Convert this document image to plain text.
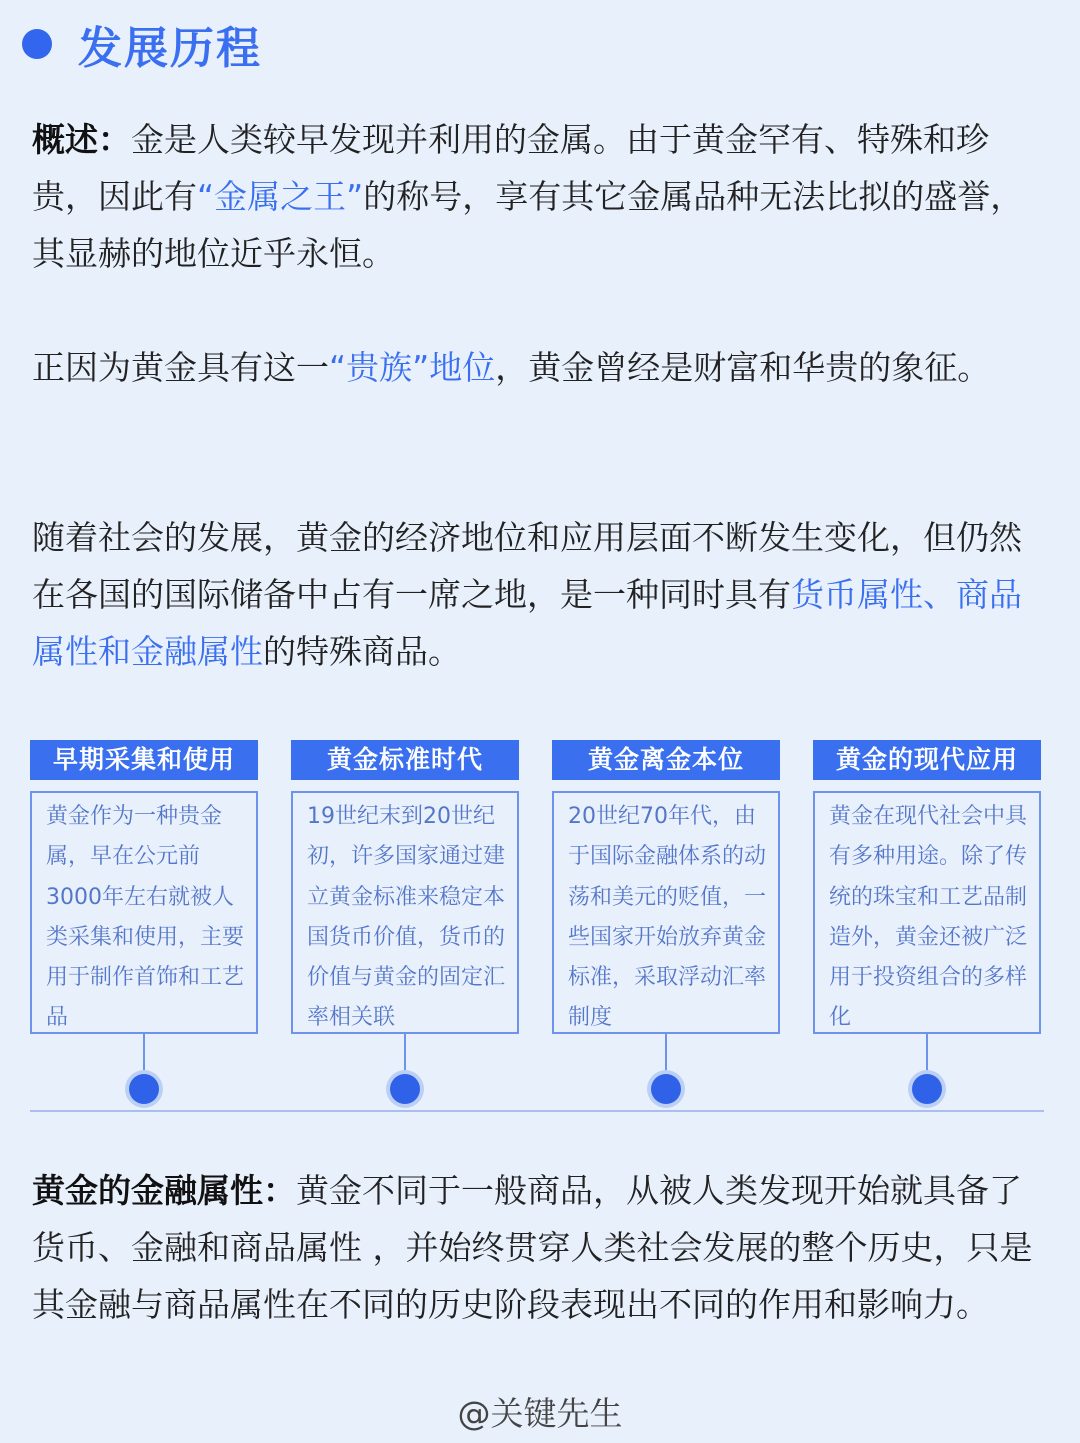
发展历程
概述：金是人类较早发现并利用的金属。由于黄金罕有、特殊和珍贵，因此有“金属之王”的称号，享有其它金属品种无法比拟的盛誉，其显赫的地位近乎永恒。
正因为黄金具有这一“贵族”地位，黄金曾经是财富和华贵的象征。
随着社会的发展，黄金的经济地位和应用层面不断发生变化，但仍然在各国的国际储备中占有一席之地，是一种同时具有货币属性、商品属性和金融属性的特殊商品。
早期采集和使用
黄金作为一种贵金属，早在公元前3000年左右就被人类采集和使用，主要用于制作首饰和工艺品
黄金标准时代
19世纪末到20世纪初，许多国家通过建立黄金标准来稳定本国货币价值，货币的价值与黄金的固定汇率相关联
黄金离金本位
20世纪70年代，由于国际金融体系的动荡和美元的贬值，一些国家开始放弃黄金标准，采取浮动汇率制度
黄金的现代应用
黄金在现代社会中具有多种用途。除了传统的珠宝和工艺品制造外，黄金还被广泛用于投资组合的多样化
黄金的金融属性：黄金不同于一般商品，从被人类发现开始就具备了货币、金融和商品属性 ，并始终贯穿人类社会发展的整个历史，只是其金融与商品属性在不同的历史阶段表现出不同的作用和影响力。
@关键先生
